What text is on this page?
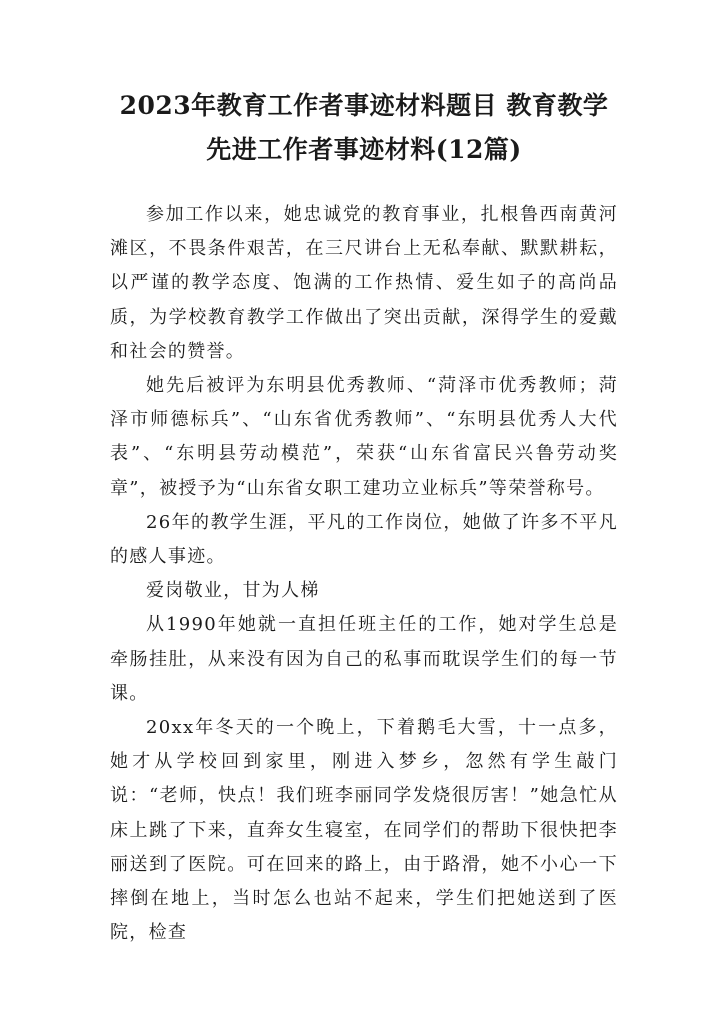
2023年教育工作者事迹材料题目 教育教学
先进工作者事迹材料(12篇)

参加工作以来，她忠诚党的教育事业，扎根鲁西南黄河滩区，不畏条件艰苦，在三尺讲台上无私奉献、默默耕耘，以严谨的教学态度、饱满的工作热情、爱生如子的高尚品质，为学校教育教学工作做出了突出贡献，深得学生的爱戴和社会的赞誉。

她先后被评为东明县优秀教师、“菏泽市优秀教师；菏泽市师德标兵”、“山东省优秀教师”、“东明县优秀人大代表”、“东明县劳动模范”，荣获“山东省富民兴鲁劳动奖章”，被授予为“山东省女职工建功立业标兵”等荣誉称号。

26年的教学生涯，平凡的工作岗位，她做了许多不平凡的感人事迹。

爱岗敬业，甘为人梯

从1990年她就一直担任班主任的工作，她对学生总是牵肠挂肚，从来没有因为自己的私事而耽误学生们的每一节课。

20xx年冬天的一个晚上，下着鹅毛大雪，十一点多，她才从学校回到家里，刚进入梦乡，忽然有学生敲门说：“老师，快点！我们班李丽同学发烧很厉害！”她急忙从床上跳了下来，直奔女生寝室，在同学们的帮助下很快把李丽送到了医院。可在回来的路上，由于路滑，她不小心一下摔倒在地上，当时怎么也站不起来，学生们把她送到了医院，检查
